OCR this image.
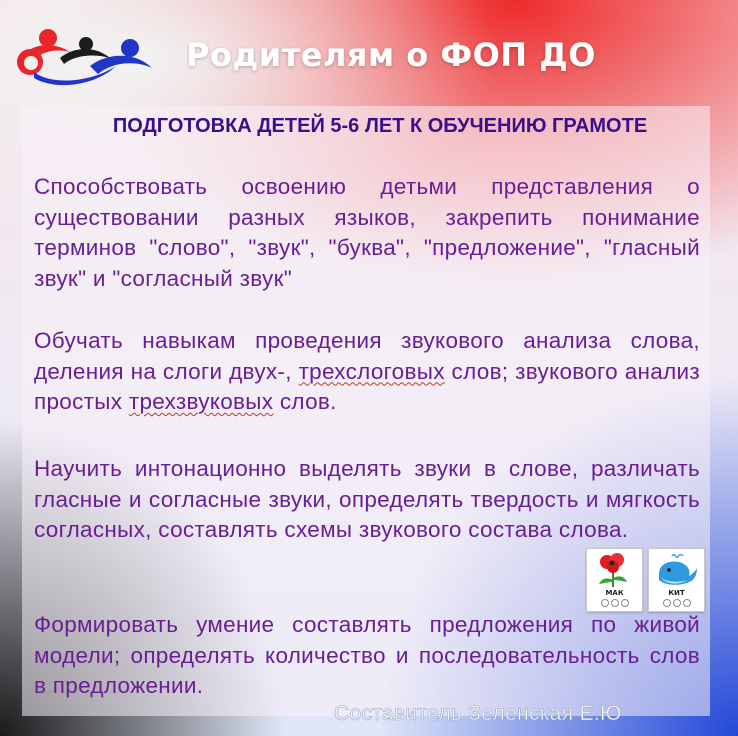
Родителям о ФОП ДО
ПОДГОТОВКА ДЕТЕЙ 5-6 ЛЕТ К ОБУЧЕНИЮ ГРАМОТЕ
Способствовать освоению детьми представления о существовании разных языков, закрепить понимание терминов "слово", "звук", "буква", "предложение", "гласный звук" и "согласный звук"
Обучать навыкам проведения звукового анализа слова, деления на слоги двух-, трехслоговых слов; звукового анализ простых трехзвуковых слов.
Научить интонационно выделять звуки в слове, различать гласные и согласные звуки, определять твердость и мягкость согласных, составлять схемы звукового состава слова.
Формировать умение составлять предложения по живой модели; определять количество и последовательность слов в предложении.
МАК	КИТ
Составитель Зеленская Е.Ю
